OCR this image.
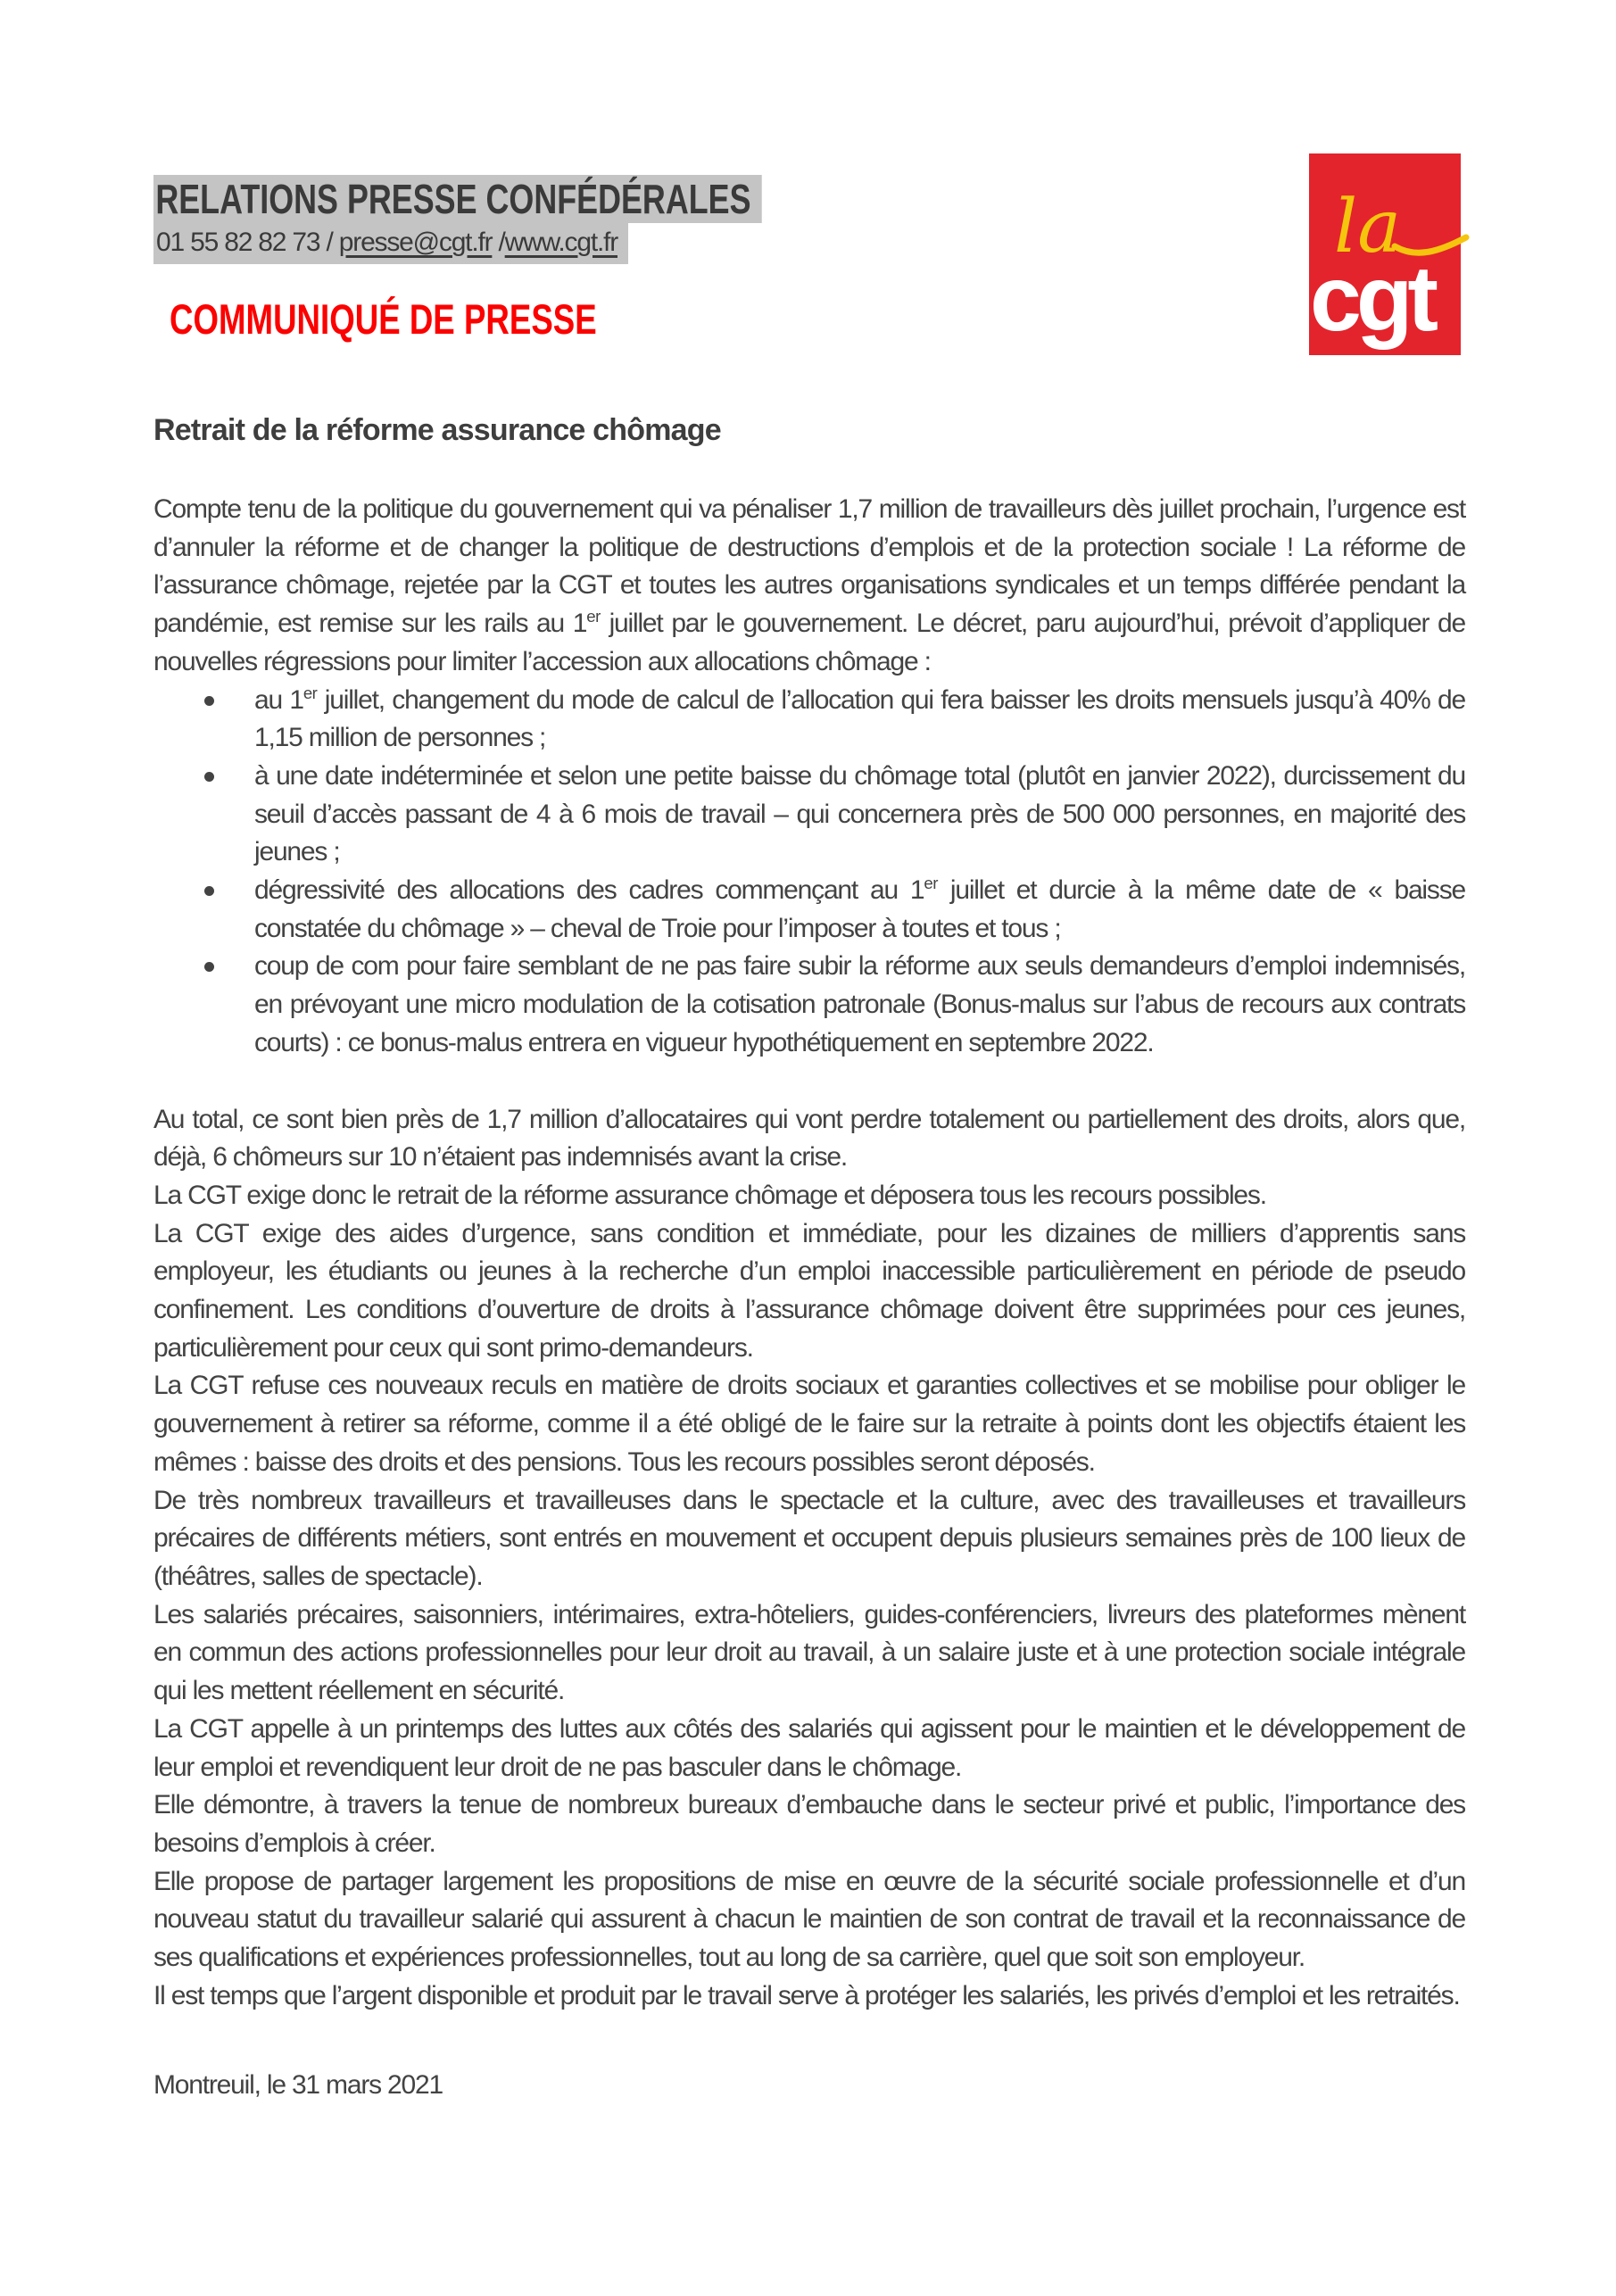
la
cgt
RELATIONS PRESSE CONFÉDÉRALES
01 55 82 82 73 / presse@cgt.fr /www.cgt.fr
COMMUNIQUÉ DE PRESSE
Retrait de la réforme assurance chômage

Compte tenu de la politique du gouvernement qui va pénaliser 1,7 million de travailleurs dès juillet prochain, l’urgence est d’annuler la réforme et de changer la politique de destructions d’emplois et de la protection sociale ! La réforme de l’assurance chômage, rejetée par la CGT et toutes les autres organisations syndicales et un temps différée pendant la pandémie, est remise sur les rails au 1er juillet par le gouvernement. Le décret, paru aujourd’hui, prévoit d’appliquer de nouvelles régressions pour limiter l’accession aux allocations chômage :

au 1er juillet, changement du mode de calcul de l’allocation qui fera baisser les droits mensuels jusqu’à 40% de 1,15 million de personnes ;
à une date indéterminée et selon une petite baisse du chômage total (plutôt en janvier 2022), durcissement du seuil d’accès passant de 4 à 6 mois de travail – qui concernera près de 500 000 personnes, en majorité des jeunes ;
dégressivité des allocations des cadres commençant au 1er juillet et durcie à la même date de « baisse constatée du chômage » – cheval de Troie pour l’imposer à toutes et tous ;
coup de com pour faire semblant de ne pas faire subir la réforme aux seuls demandeurs d’emploi indemnisés, en prévoyant une micro modulation de la cotisation patronale (Bonus-malus sur l’abus de recours aux contrats courts) : ce bonus-malus entrera en vigueur hypothétiquement en septembre 2022.

Au total, ce sont bien près de 1,7 million d’allocataires qui vont perdre totalement ou partiellement des droits, alors que, déjà, 6 chômeurs sur 10 n’étaient pas indemnisés avant la crise.

La CGT exige donc le retrait de la réforme assurance chômage et déposera tous les recours possibles.

La CGT exige des aides d’urgence, sans condition et immédiate, pour les dizaines de milliers d’apprentis sans employeur, les étudiants ou jeunes à la recherche d’un emploi inaccessible particulièrement en période de pseudo confinement. Les conditions d’ouverture de droits à l’assurance chômage doivent être supprimées pour ces jeunes, particulièrement pour ceux qui sont primo-demandeurs.

La CGT refuse ces nouveaux reculs en matière de droits sociaux et garanties collectives et se mobilise pour obliger le gouvernement à retirer sa réforme, comme il a été obligé de le faire sur la retraite à points dont les objectifs étaient les mêmes : baisse des droits et des pensions. Tous les recours possibles seront déposés.

De très nombreux travailleurs et travailleuses dans le spectacle et la culture, avec des travailleuses et travailleurs précaires de différents métiers, sont entrés en mouvement et occupent depuis plusieurs semaines près de 100 lieux de (théâtres, salles de spectacle).

Les salariés précaires, saisonniers, intérimaires, extra-hôteliers, guides-conférenciers, livreurs des plateformes mènent en commun des actions professionnelles pour leur droit au travail, à un salaire juste et à une protection sociale intégrale qui les mettent réellement en sécurité.

La CGT appelle à un printemps des luttes aux côtés des salariés qui agissent pour le maintien et le développement de leur emploi et revendiquent leur droit de ne pas basculer dans le chômage.

Elle démontre, à travers la tenue de nombreux bureaux d’embauche dans le secteur privé et public, l’importance des besoins d’emplois à créer.

Elle propose de partager largement les propositions de mise en œuvre de la sécurité sociale professionnelle et d’un nouveau statut du travailleur salarié qui assurent à chacun le maintien de son contrat de travail et la reconnaissance de ses qualifications et expériences professionnelles, tout au long de sa carrière, quel que soit son employeur.

Il est temps que l’argent disponible et produit par le travail serve à protéger les salariés, les privés d’emploi et les retraités.

Montreuil, le 31 mars 2021
